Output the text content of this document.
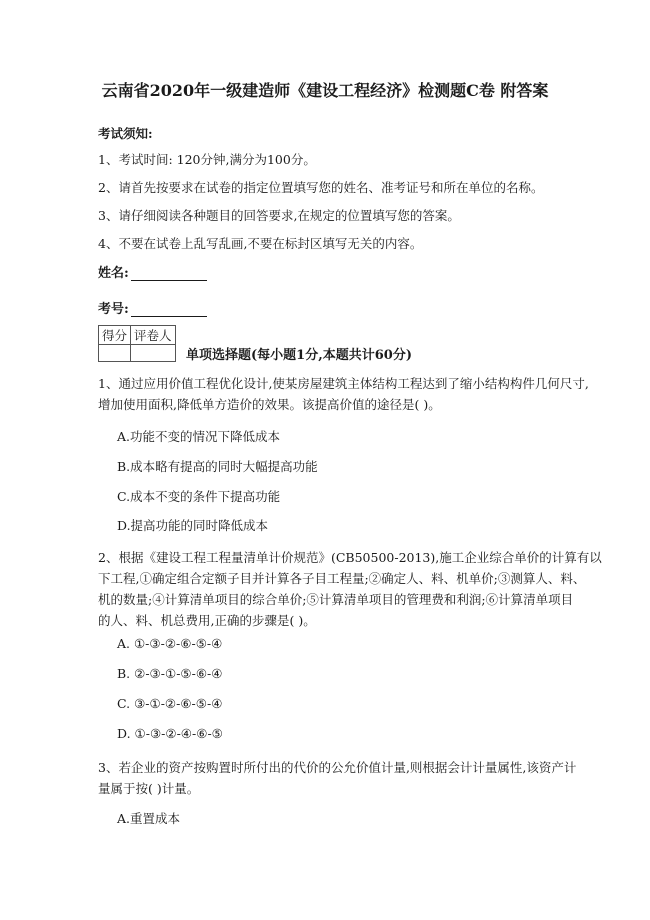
云南省2020年一级建造师《建设工程经济》检测题C卷 附答案
考试须知:
1、考试时间: 120分钟,满分为100分。
2、请首先按要求在试卷的指定位置填写您的姓名、准考证号和所在单位的名称。
3、请仔细阅读各种题目的回答要求,在规定的位置填写您的答案。
4、不要在试卷上乱写乱画,不要在标封区填写无关的内容。
姓名:
考号:
得分	评卷人

单项选择题(每小题1分,本题共计60分)
1、通过应用价值工程优化设计,使某房屋建筑主体结构工程达到了缩小结构构件几何尺寸,
增加使用面积,降低单方造价的效果。该提高价值的途径是( )。
A.功能不变的情况下降低成本
B.成本略有提高的同时大幅提高功能
C.成本不变的条件下提高功能
D.提高功能的同时降低成本
2、根据《建设工程工程量清单计价规范》(CB50500-2013),施工企业综合单价的计算有以
下工程,①确定组合定额子目并计算各子目工程量;②确定人、料、机单价;③测算人、料、
机的数量;④计算清单项目的综合单价;⑤计算清单项目的管理费和利润;⑥计算清单项目
的人、料、机总费用,正确的步骤是( )。
A. ①-③-②-⑥-⑤-④
B. ②-③-①-⑤-⑥-④
C. ③-①-②-⑥-⑤-④
D. ①-③-②-④-⑥-⑤
3、若企业的资产按购置时所付出的代价的公允价值计量,则根据会计计量属性,该资产计
量属于按( )计量。
A.重置成本
